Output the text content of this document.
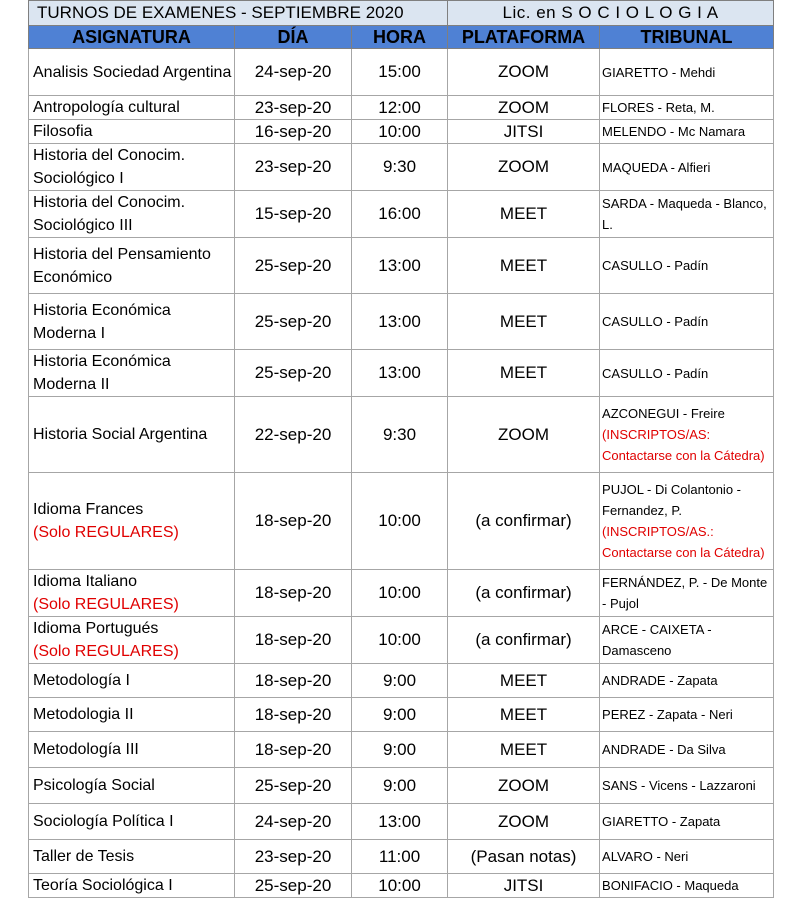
TURNOS DE EXAMENES - SEPTIEMBRE 2020			Lic. en S O C I O L O G I A	
ASIGNATURA	DÍA	HORA	PLATAFORMA	TRIBUNAL

Analisis Sociedad Argentina	24-sep-20	15:00	ZOOM	GIARETTO - Mehdi

Antropología cultural	23-sep-20	12:00	ZOOM	FLORES - Reta, M.

Filosofia	16-sep-20	10:00	JITSI	MELENDO - Mc Namara

Historia del Conocim. Sociológico I	23-sep-20	9:30	ZOOM	MAQUEDA - Alfieri

Historia del Conocim. Sociológico III	15-sep-20	16:00	MEET	SARDA - Maqueda - Blanco, L.

Historia del Pensamiento Económico	25-sep-20	13:00	MEET	CASULLO - Padín

Historia Económica Moderna I	25-sep-20	13:00	MEET	CASULLO - Padín

Historia Económica Moderna II	25-sep-20	13:00	MEET	CASULLO - Padín

Historia Social Argentina	22-sep-20	9:30	ZOOM	AZCONEGUI - Freire
(INSCRIPTOS/AS: Contactarse con la Cátedra)

Idioma Frances
(Solo REGULARES)	18-sep-20	10:00	(a confirmar)	PUJOL - Di Colantonio - Fernandez, P.
(INSCRIPTOS/AS.: Contactarse con la Cátedra)

Idioma Italiano
(Solo REGULARES)	18-sep-20	10:00	(a confirmar)	FERNÁNDEZ, P. - De Monte - Pujol

Idioma Portugués
(Solo REGULARES)	18-sep-20	10:00	(a confirmar)	ARCE - CAIXETA - Damasceno

Metodología I	18-sep-20	9:00	MEET	ANDRADE - Zapata

Metodologia II	18-sep-20	9:00	MEET	PEREZ - Zapata - Neri

Metodología III	18-sep-20	9:00	MEET	ANDRADE - Da Silva

Psicología Social	25-sep-20	9:00	ZOOM	SANS - Vicens - Lazzaroni

Sociología Política I	24-sep-20	13:00	ZOOM	GIARETTO - Zapata

Taller de Tesis	23-sep-20	11:00	(Pasan notas)	ALVARO - Neri

Teoría Sociológica I	25-sep-20	10:00	JITSI	BONIFACIO - Maqueda
